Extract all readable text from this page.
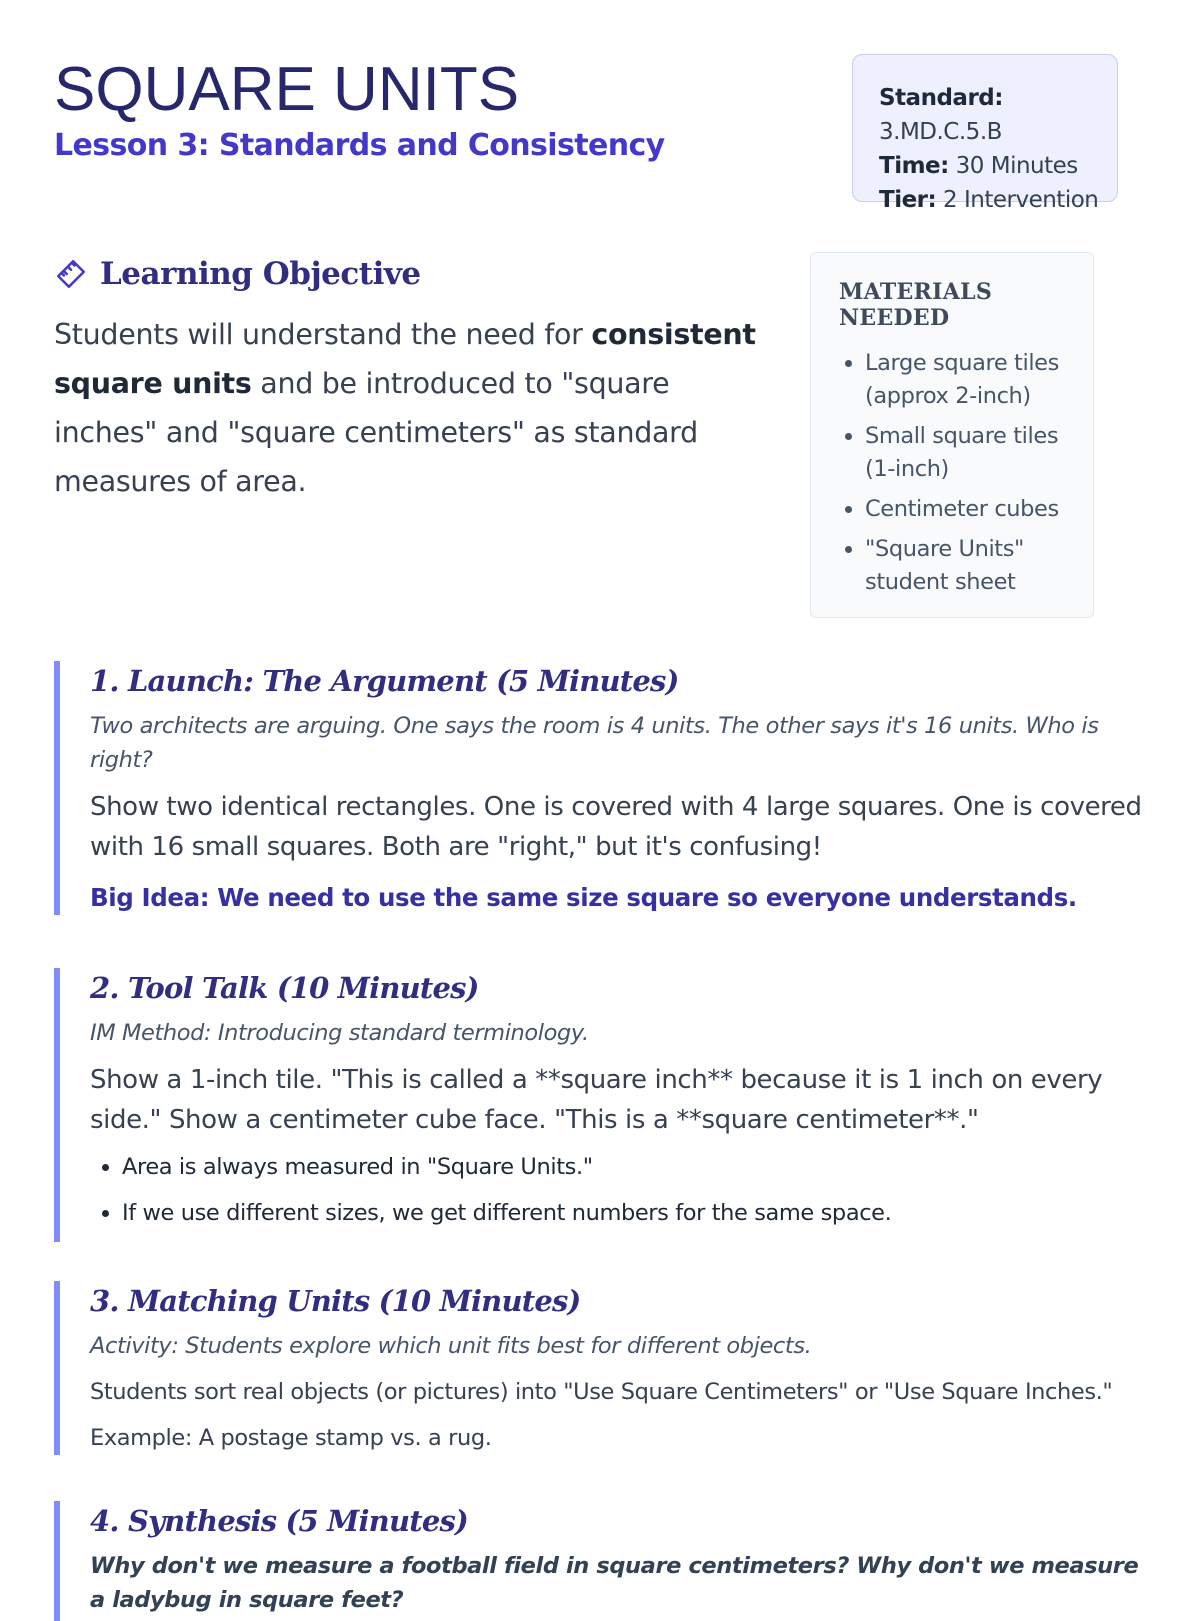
SQUARE UNITS

Lesson 3: Standards and Consistency

Standard: 3.MD.C.5.B
Time: 30 Minutes
Tier: 2 Intervention
Learning Objective
Students will understand the need for consistent square units and be introduced to "square inches" and "square centimeters" as standard measures of area.
MATERIALS NEEDED
• Large square tiles (approx 2-inch)
• Small square tiles (1-inch)
• Centimeter cubes
• "Square Units" student sheet
1. Launch: The Argument (5 Minutes)

Two architects are arguing. One says the room is 4 units. The other says it's 16 units. Who is right?

Show two identical rectangles. One is covered with 4 large squares. One is covered with 16 small squares. Both are "right," but it's confusing!

Big Idea: We need to use the same size square so everyone understands.

2. Tool Talk (10 Minutes)

IM Method: Introducing standard terminology.

Show a 1-inch tile. "This is called a **square inch** because it is 1 inch on every side." Show a centimeter cube face. "This is a **square centimeter**."

• Area is always measured in "Square Units."
• If we use different sizes, we get different numbers for the same space.
3. Matching Units (10 Minutes)

Activity: Students explore which unit fits best for different objects.

Students sort real objects (or pictures) into "Use Square Centimeters" or "Use Square Inches."

Example: A postage stamp vs. a rug.

4. Synthesis (5 Minutes)

Why don't we measure a football field in square centimeters? Why don't we measure a ladybug in square feet?
